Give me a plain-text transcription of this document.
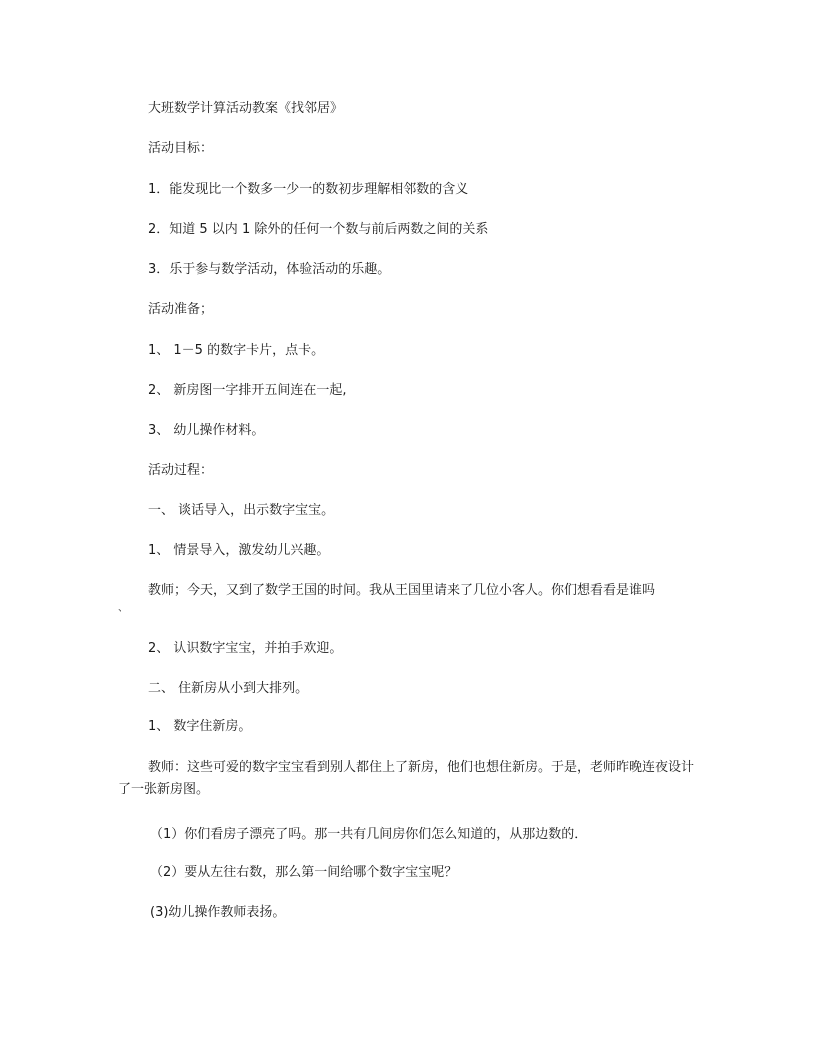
大班数学计算活动教案《找邻居》
活动目标：
1．能发现比一个数多一少一的数初步理解相邻数的含义
2．知道 5 以内 1 除外的任何一个数与前后两数之间的关系
3．乐于参与数学活动，体验活动的乐趣。
活动准备；
1、 1－5 的数字卡片，点卡。
2、 新房图一字排开五间连在一起,
3、 幼儿操作材料。
活动过程：
一、 谈话导入，出示数字宝宝。
1、 情景导入，激发幼儿兴趣。
教师；今天，又到了数学王国的时间。我从王国里请来了几位小客人。你们想看看是谁吗
、
2、 认识数字宝宝，并拍手欢迎。
二、 住新房从小到大排列。
1、 数字住新房。
教师：这些可爱的数字宝宝看到别人都住上了新房，他们也想住新房。于是，老师昨晚连夜设计了一张新房图。
（1）你们看房子漂亮了吗。那一共有几间房你们怎么知道的，从那边数的．
（2）要从左往右数，那么第一间给哪个数字宝宝呢？
(3)幼儿操作教师表扬。
